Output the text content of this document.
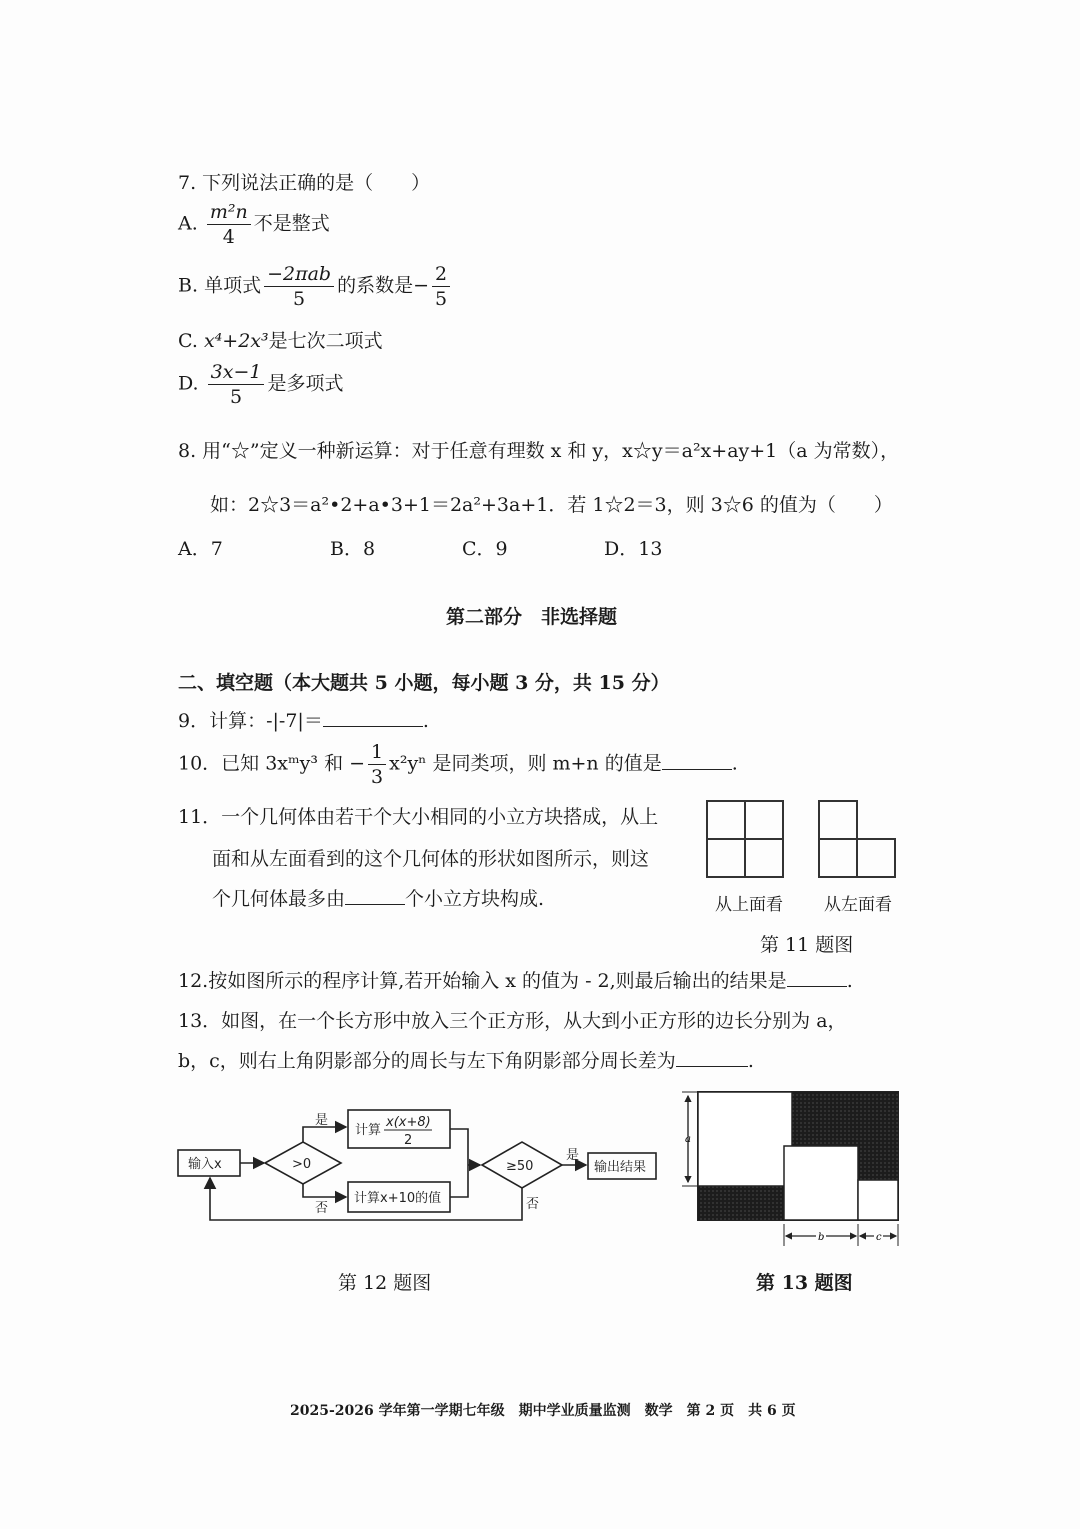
7. 下列说法正确的是（　　）
A. $\frac{\text{m²n}}{4}$ 不是整式
B. 单项式 $\frac{\text{−2πab}}{5}$ 的系数是− $\frac{2}{5}$
C. x⁴+2x³是七次二项式
D. $\frac{3x-1}{5}$ 是多项式
8. 用“☆”定义一种新运算：对于任意有理数 x 和 y，x☆y＝a²x+ay+1（a 为常数），
如：2☆3＝a²•2+a•3+1＝2a²+3a+1．若 1☆2＝3，则 3☆6 的值为（　　）
A．7	B．8	C．9	D．13
第二部分　非选择题
二、填空题（本大题共 5 小题，每小题 3 分，共 15 分）
9．计算：-|-7|＝	.
10．已知 3xᵐy³ 和 − $\frac{1}{3} x^2y^n$ 是同类项，则 m+n 的值是	.
11．一个几何体由若干个大小相同的小立方块搭成，从上
面和从左面看到的这个几何体的形状如图所示，则这
个几何体最多由	个小立方块构成.	从上面看 从左面看
第 11 题图
12.按如图所示的程序计算,若开始输入 x 的值为 - 2,则最后输出的结果是	.
13．如图，在一个长方形中放入三个正方形，从大到小正方形的边长分别为 a，
b，c，则右上角阴影部分的周长与左下角阴影部分周长差为	.
输入x	>0
是
否
计算
x(x+8)
2
计算x+10的值
≥50
是
否
输出结果
第 12 题图
a
b	c
第 13 题图
2025-2026 学年第一学期七年级　期中学业质量监测　数学　第 2 页　共 6 页
